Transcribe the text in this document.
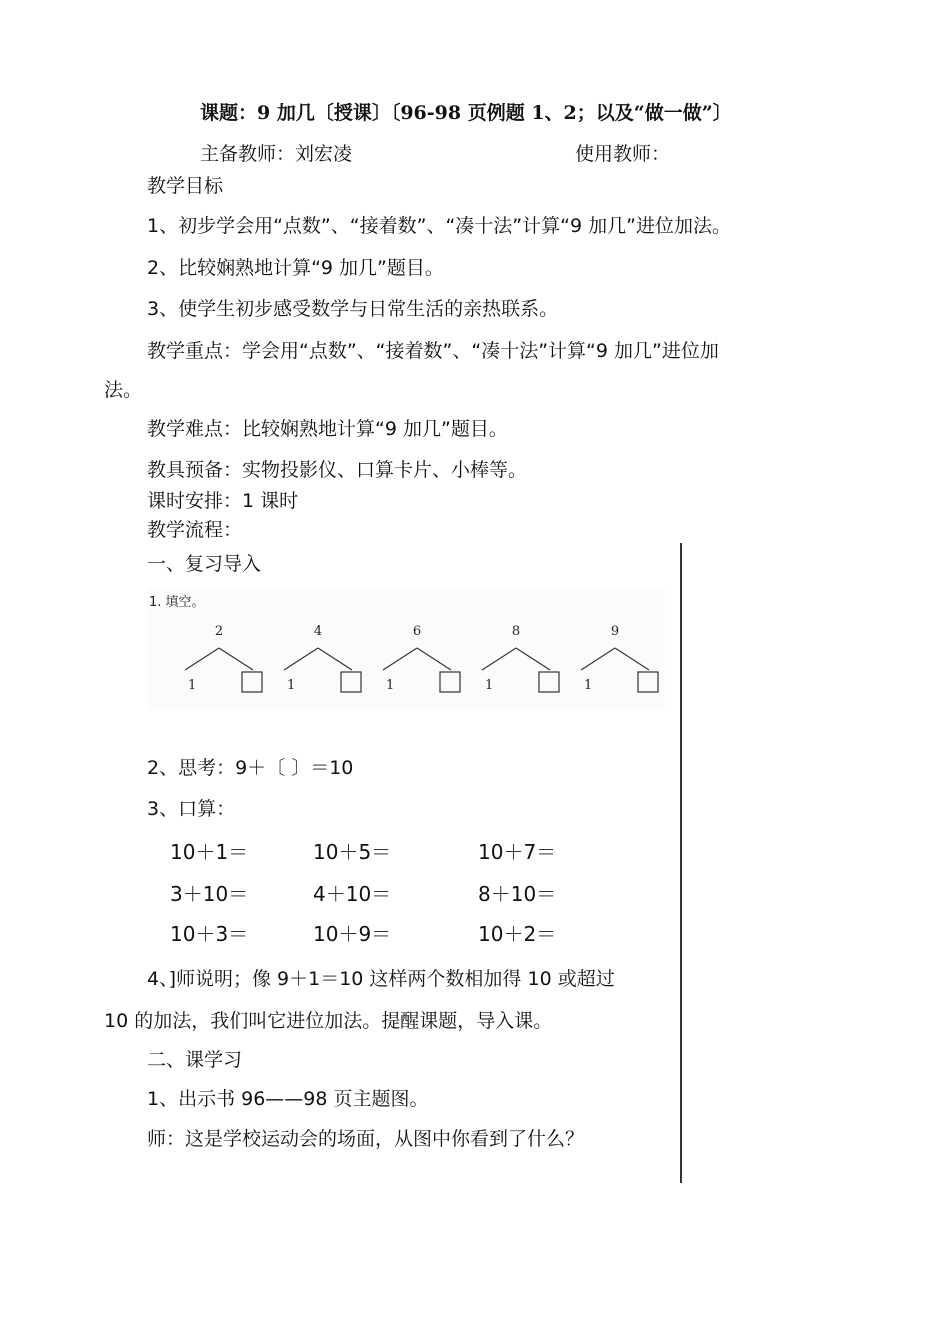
课题：9 加几〔授课〕〔96-98 页例题 1、2；以及“做一做”〕
主备教师：刘宏凌	使用教师：
教学目标
1、初步学会用“点数”、“接着数”、“凑十法”计算“9 加几”进位加法。
2、比较娴熟地计算“9 加几”题目。
3、使学生初步感受数学与日常生活的亲热联系。
教学重点：学会用“点数”、“接着数”、“凑十法”计算“9 加几”进位加
法。
教学难点：比较娴熟地计算“9 加几”题目。
教具预备：实物投影仪、口算卡片、小棒等。
课时安排：1 课时
教学流程：
一、复习导入
1. 填空。
2
1
4
1
6
1
8
1
9
1
2、思考：9＋〔 〕＝10
3、口算：
10＋1＝	10＋5＝	10＋7＝
3＋10＝	4＋10＝	8＋10＝
10＋3＝	10＋9＝	10＋2＝
4、]师说明；像 9＋1＝10 这样两个数相加得 10 或超过
10 的加法，我们叫它进位加法。提醒课题，导入课。
二、课学习
1、出示书 96——98 页主题图。
师：这是学校运动会的场面，从图中你看到了什么？
